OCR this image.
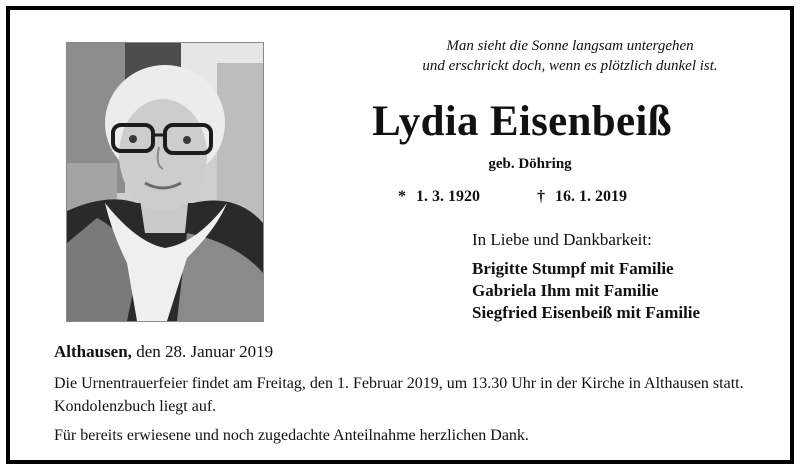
Man sieht die Sonne langsam untergehen
und erschrickt doch, wenn es plötzlich dunkel ist.
Lydia Eisenbeiß
geb. Döhring
* 1. 3. 1920	† 16. 1. 2019
In Liebe und Dankbarkeit:
Brigitte Stumpf mit Familie
Gabriela Ihm mit Familie
Siegfried Eisenbeiß mit Familie
Althausen, den 28. Januar 2019

Die Urnentrauerfeier findet am Freitag, den 1. Februar 2019, um 13.30 Uhr in der Kirche in Althausen statt. Kondolenzbuch liegt auf.

Für bereits erwiesene und noch zugedachte Anteilnahme herzlichen Dank.
